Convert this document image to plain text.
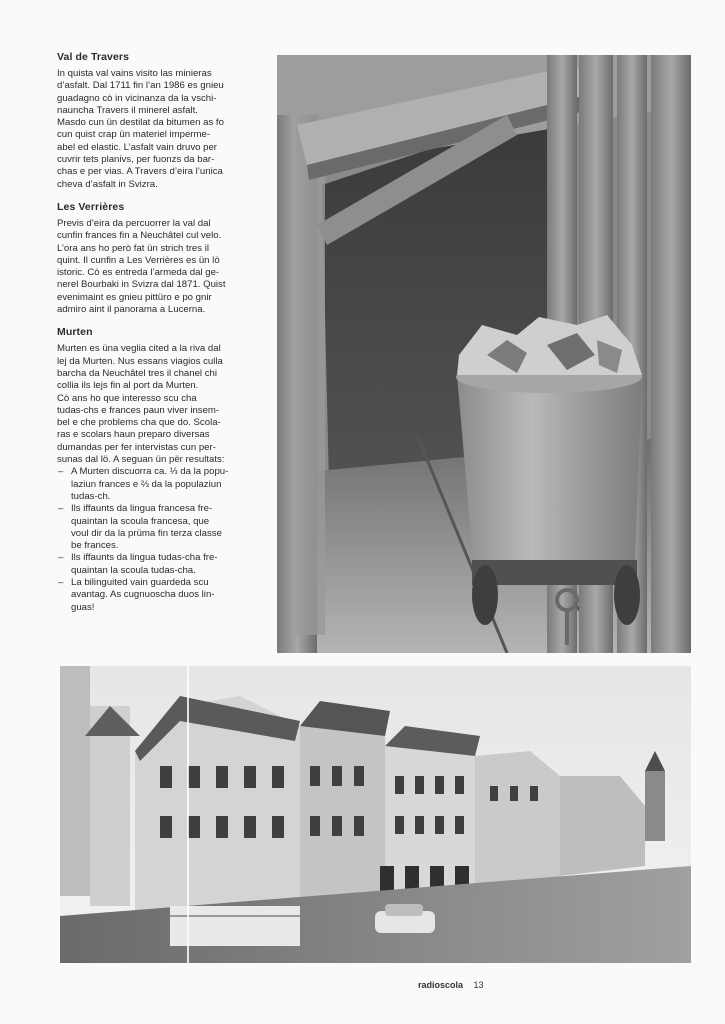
Val de Travers

In quista val vains visito las minieras
d’asfalt. Dal 1711 fin l’an 1986 es gnieu
guadagno cò in vicinanza da la vschi-
naunchа Travers il minerel asfalt.
Masdo cun ün destilat da bitumen as fo
cun quist crap ün materiel imperme-
abel ed elastic. L’asfalt vain druvo per
cuvrir tets planivs, per fuonzs da bar-
chas e per vias. A Travers d’eira l’unica
cheva d’asfalt in Svizra.

Les Verrières

Previs d’eira da percuorrer la val dal
cunfin frances fin a Neuchâtel cul velo.
L’ora ans ho però fat ün strich tres il
quint. Il cunfin a Les Verrières es ün lö
istoric. Cò es entreda l’armeda dal ge-
nerel Bourbaki in Svizra dal 1871. Quist
evenimaint es gnieu pittüro e po gnir
admiro aint il panorama a Lucerna.

Murten

Murten es üna veglia cited a la riva dal
lej da Murten. Nus essans viagios culla
barcha da Neuchâtel tres il chanel chi
collia ils lejs fin al port da Murten.
Cò ans ho que interesso scu cha
tudas-chs e frances paun viver insem-
bel e che problems cha que do. Scola-
ras e scolars haun preparo diversas
dumandas per fer intervistas cun per-
sunas dal lö. A seguan ün për resultats:

– A Murten discuorra ca. ⅓ da la popu-
laziun frances e ⅔ da la populaziun
tudas-ch.
– Ils iffaunts da lingua francesa fre-
quaintan la scoula francesa, que
voul dir da la prüma fin terza classe
be frances.
– Ils iffaunts da lingua tudas-cha fre-
quaintan la scoula tudas-cha.
– La bilinguited vain guardeda scu
avantag. As cugnuoscha duos lin-
guas!
radioscola 13
